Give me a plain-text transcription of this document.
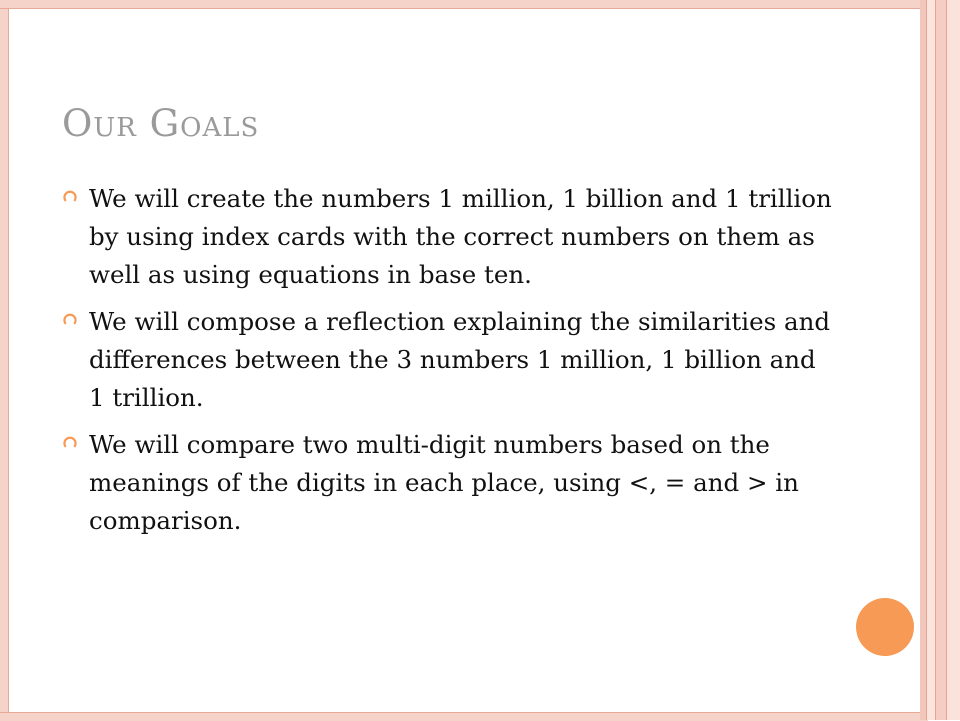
Our Goals
We will create the numbers 1 million, 1 billion and 1 trillion by using index cards with the correct numbers on them as well as using equations in base ten.
We will compose a reflection explaining the similarities and differences between the 3 numbers 1 million, 1 billion and 1 trillion.
We will compare two multi-digit numbers based on the meanings of the digits in each place, using <, = and > in comparison.
